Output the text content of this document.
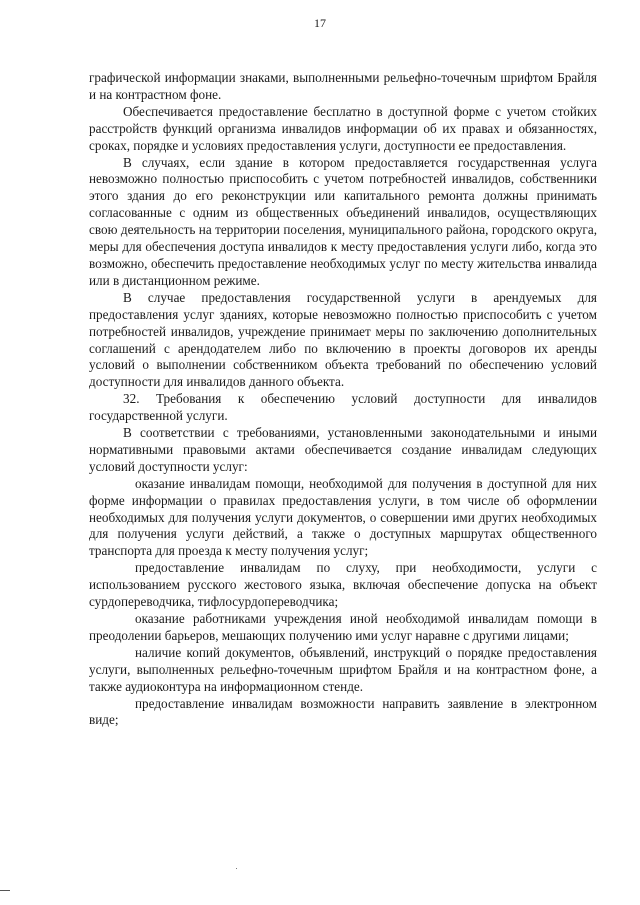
17

графической информации знаками, выполненными рельефно-точечным шрифтом Брайля и на контрастном фоне.

Обеспечивается предоставление бесплатно в доступной форме с учетом стойких расстройств функций организма инвалидов информации об их правах и обязанностях, сроках, порядке и условиях предоставления услуги, доступности ее предоставления.

В случаях, если здание в котором предоставляется государственная услуга невозможно полностью приспособить с учетом потребностей инвалидов, собственники этого здания до его реконструкции или капитального ремонта должны принимать согласованные с одним из общественных объединений инвалидов, осуществляющих свою деятельность на территории поселения, муниципального района, городского округа, меры для обеспечения доступа инвалидов к месту предоставления услуги либо, когда это возможно, обеспечить предоставление необходимых услуг по месту жительства инвалида или в дистанционном режиме.

В случае предоставления государственной услуги в арендуемых для предоставления услуг зданиях, которые невозможно полностью приспособить с учетом потребностей инвалидов, учреждение принимает меры по заключению дополнительных соглашений с арендодателем либо по включению в проекты договоров их аренды условий о выполнении собственником объекта требований по обеспечению условий доступности для инвалидов данного объекта.

32. Требования к обеспечению условий доступности для инвалидов государственной услуги.

В соответствии с требованиями, установленными законодательными и иными нормативными правовыми актами обеспечивается создание инвалидам следующих условий доступности услуг:

оказание инвалидам помощи, необходимой для получения в доступной для них форме информации о правилах предоставления услуги, в том числе об оформлении необходимых для получения услуги документов, о совершении ими других необходимых для получения услуги действий, а также о доступных маршрутах общественного транспорта для проезда к месту получения услуг;

предоставление инвалидам по слуху, при необходимости, услуги с использованием русского жестового языка, включая обеспечение допуска на объект сурдопереводчика, тифлосурдопереводчика;

оказание работниками учреждения иной необходимой инвалидам помощи в преодолении барьеров, мешающих получению ими услуг наравне с другими лицами;

наличие копий документов, объявлений, инструкций о порядке предоставления услуги, выполненных рельефно-точечным шрифтом Брайля и на контрастном фоне, а также аудиоконтура на информационном стенде.

предоставление инвалидам возможности направить заявление в электронном виде;
